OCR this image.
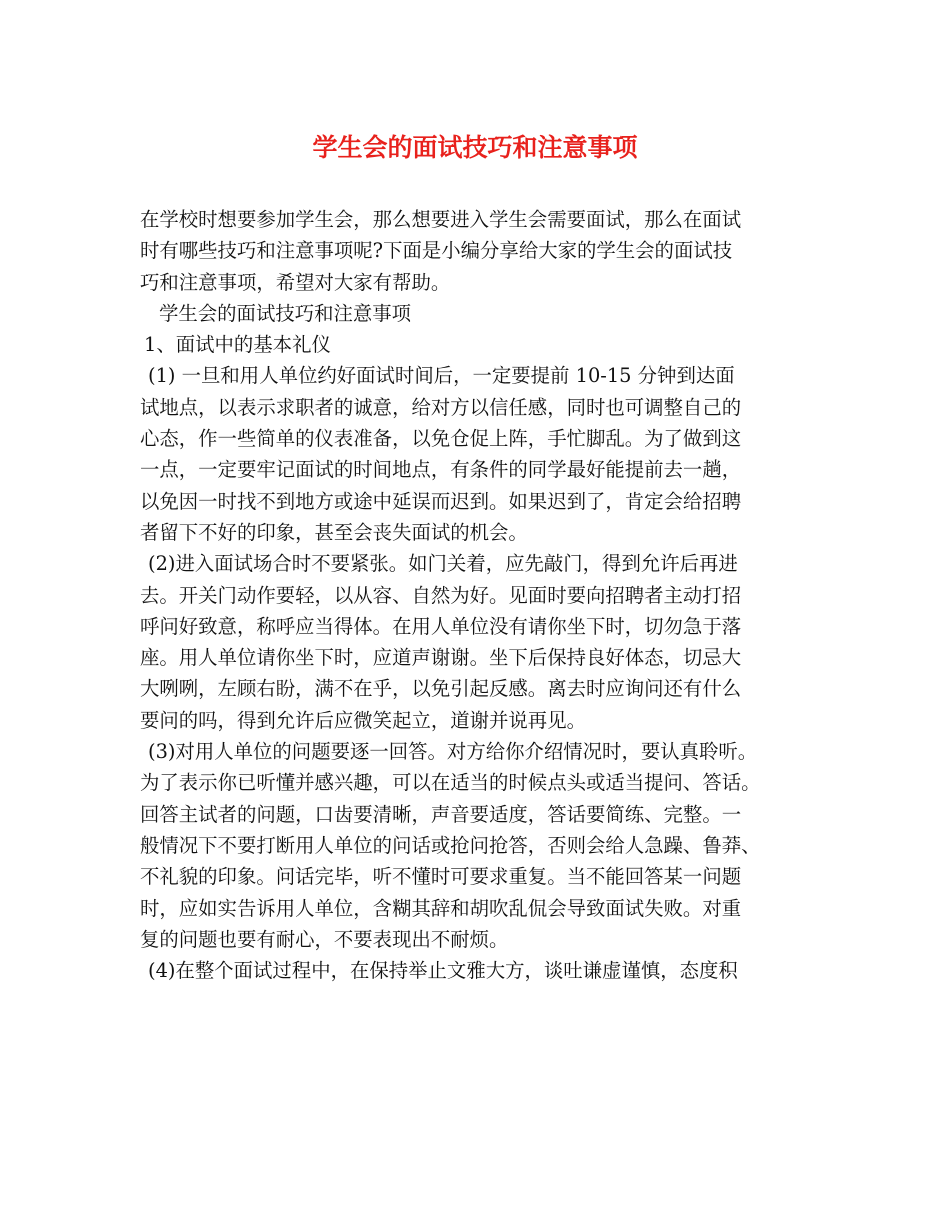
学生会的面试技巧和注意事项
在学校时想要参加学生会，那么想要进入学生会需要面试，那么在面试
时有哪些技巧和注意事项呢?下面是小编分享给大家的学生会的面试技
巧和注意事项，希望对大家有帮助。
学生会的面试技巧和注意事项
1、面试中的基本礼仪
(1) 一旦和用人单位约好面试时间后，一定要提前 10-15 分钟到达面
试地点，以表示求职者的诚意，给对方以信任感，同时也可调整自己的
心态，作一些简单的仪表准备，以免仓促上阵，手忙脚乱。为了做到这
一点，一定要牢记面试的时间地点，有条件的同学最好能提前去一趟，
以免因一时找不到地方或途中延误而迟到。如果迟到了，肯定会给招聘
者留下不好的印象，甚至会丧失面试的机会。
(2)进入面试场合时不要紧张。如门关着，应先敲门，得到允许后再进
去。开关门动作要轻，以从容、自然为好。见面时要向招聘者主动打招
呼问好致意，称呼应当得体。在用人单位没有请你坐下时，切勿急于落
座。用人单位请你坐下时，应道声谢谢。坐下后保持良好体态，切忌大
大咧咧，左顾右盼，满不在乎，以免引起反感。离去时应询问还有什么
要问的吗，得到允许后应微笑起立，道谢并说再见。
(3)对用人单位的问题要逐一回答。对方给你介绍情况时，要认真聆听。
为了表示你已听懂并感兴趣，可以在适当的时候点头或适当提问、答话。
回答主试者的问题，口齿要清晰，声音要适度，答话要简练、完整。一
般情况下不要打断用人单位的问话或抢问抢答，否则会给人急躁、鲁莽、
不礼貌的印象。问话完毕，听不懂时可要求重复。当不能回答某一问题
时，应如实告诉用人单位，含糊其辞和胡吹乱侃会导致面试失败。对重
复的问题也要有耐心，不要表现出不耐烦。
(4)在整个面试过程中，在保持举止文雅大方，谈吐谦虚谨慎，态度积
